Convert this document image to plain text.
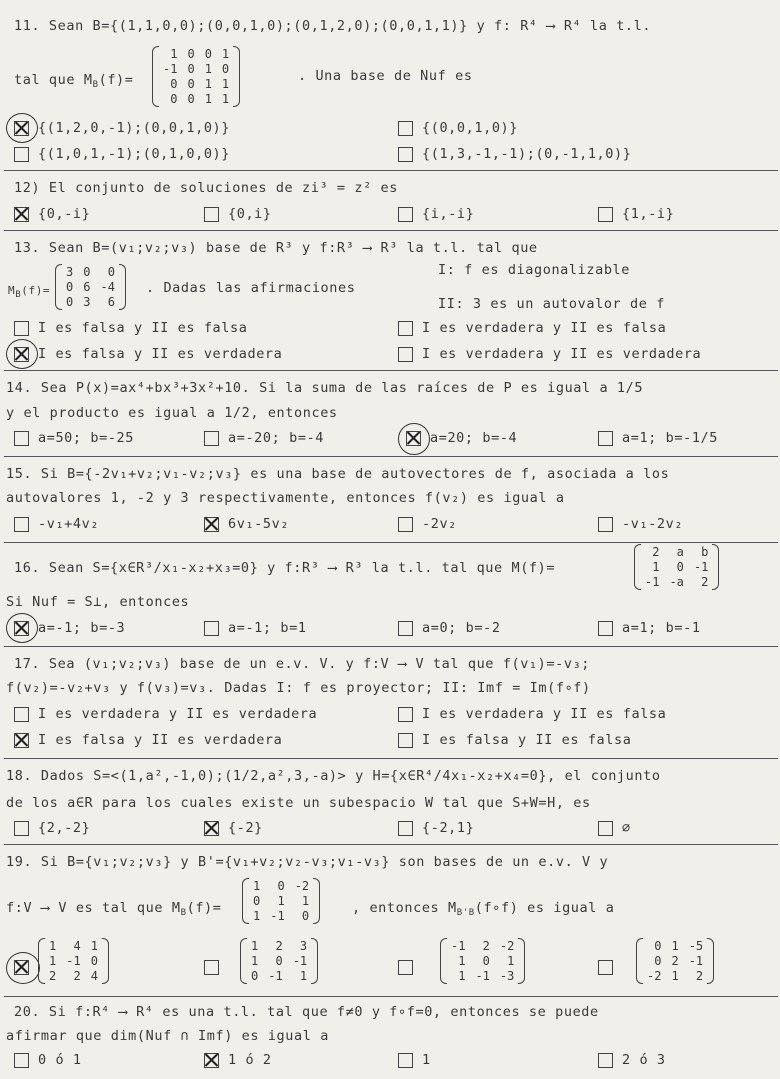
11. Sean B={(1,1,0,0);(0,0,1,0);(0,1,2,0);(0,0,1,1)} y f: R⁴ ⟶ R⁴ la t.l.
tal que $M_B(f)=$
1 0 0 1
-1 0 1 0
0 0 1 1
0 0 1 1
. Una base de Nuf es
{(1,2,0,-1);(0,0,1,0)}	{(0,0,1,0)}
{(1,0,1,-1);(0,1,0,0)}	{(1,3,-1,-1);(0,-1,1,0)}
12) El conjunto de soluciones de zi³ = z² es
{0,-i}	{0,i}	{i,-i}	{1,-i}
13. Sean B=(v₁;v₂;v₃) base de R³ y f:R³ ⟶ R³ la t.l. tal que
$M_B(f)=$
3 0	0
0 6 -4
0 3	6
. Dadas las afirmaciones
I: f es diagonalizable
II: 3 es un autovalor de f
I es falsa y II es falsa	I es verdadera y II es falsa
I es falsa y II es verdadera	I es verdadera y II es verdadera
14. Sea P(x)=ax⁴+bx³+3x²+10. Si la suma de las raíces de P es igual a 1/5
y el producto es igual a 1/2, entonces
a=50; b=-25	a=-20; b=-4	a=20; b=-4	a=1; b=-1/5
15. Si B={-2v₁+v₂;v₁-v₂;v₃} es una base de autovectores de f, asociada a los
autovalores 1, -2 y 3 respectivamente, entonces f(v₂) es igual a
-v₁+4v₂	6v₁-5v₂	-2v₂	-v₁-2v₂
16. Sean S={x∈R³/x₁-x₂+x₃=0} y f:R³ ⟶ R³ la t.l. tal que M(f)=
2	a	b
1	0 -1
-1 -a	2
Si Nuf = S⊥, entonces
a=-1; b=-3	a=-1; b=1	a=0; b=-2	a=1; b=-1
17. Sea (v₁;v₂;v₃) base de un e.v. V. y f:V ⟶ V tal que f(v₁)=-v₃;
f(v₂)=-v₂+v₃ y f(v₃)=v₃. Dadas I: f es proyector; II: Imf = Im(f∘f)
I es verdadera y II es verdadera	I es verdadera y II es falsa
I es falsa y II es verdadera	I es falsa y II es falsa
18. Dados S=<(1,a²,-1,0);(1/2,a²,3,-a)> y H={x∈R⁴/4x₁-x₂+x₄=0}, el conjunto
de los a∈R para los cuales existe un subespacio W tal que S+W=H, es
{2,-2}	{-2}	{-2,1}	∅
19. Si B={v₁;v₂;v₃} y B'={v₁+v₂;v₂-v₃;v₁-v₃} son bases de un e.v. V y
f:V ⟶ V es tal que $M_B(f)=$
1	0 -2
0	1	1
1 -1	0	, entonces $M_{B'B}(f\circ f)$ es igual a
1	4 1
1 -1 0
2	2 4
1	2	3
1	0 -1
0 -1	1
-1	2 -2
1	0	1
1 -1 -3
0 1 -5
0 2 -1
-2 1	2
20. Si f:R⁴ ⟶ R⁴ es una t.l. tal que f≠0 y f∘f=0, entonces se puede
afirmar que dim(Nuf ∩ Imf) es igual a
0 ó 1	1 ó 2	1	2 ó 3
